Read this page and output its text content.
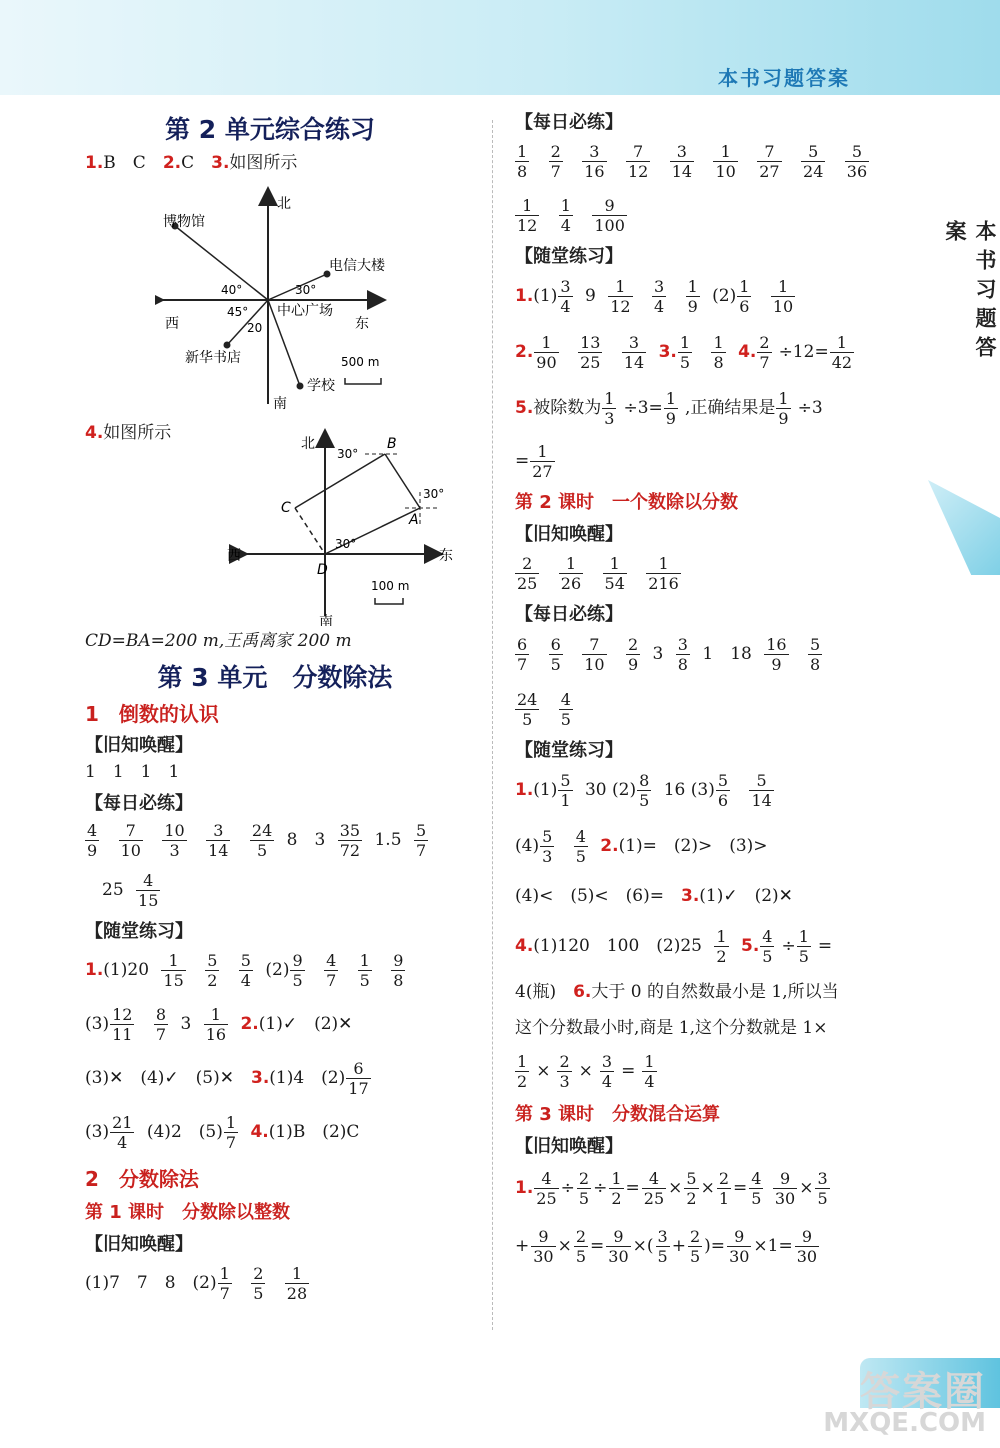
本书习题答案
本书习题答案
第 2 单元综合练习
1.B　 C　 2.C　 3.如图所示
博物馆
电信大楼
中心广场
新华书店
学校
北
南
东
西
40°	30°
45°
20
500 m
4.如图所示
北
南
东
西
B
A
C
D
30°
30°
30°
100 m
CD=BA=200 m,王禹离家 200 m
第 3 单元　分数除法
1　倒数的认识
【旧知唤醒】
1　1　1　1
【每日必练】
$\frac{4}{9}$
$\frac{7}{10}$
$\frac{10}{3}$
$\frac{3}{14}$
$\frac{24}{5} 8$　 $3 \frac{35}{72} 1.5 \frac{5}{7}$
　$25 \frac{4}{15}$
【随堂练习】
$1.(1)20 \frac{1}{15}$
$\frac{5}{2}$
$\frac{5}{4} (2) \frac{9}{5}$
$\frac{4}{7}$
$\frac{1}{5}$
$\frac{9}{8}$
$(3) \frac{12}{11}$
$\frac{8}{7} 3 \frac{1}{16}$ 2.(1)✓　(2)✕
(3)✕　(4)✓　(5)✕　 3.(1)4　$(2) \frac{6}{17}$
$(3) \frac{21}{4} (4)2$　$(5) \frac{1}{7} 4.(1)B$　(2)C
2　分数除法
第 1 课时　分数除以整数
【旧知唤醒】
(1)7　7　8　$(2) \frac{1}{7}$
$\frac{2}{5}$
$\frac{1}{28}$
【每日必练】
$\frac{1}{8}$
$\frac{2}{7}$
$\frac{3}{16}$
$\frac{7}{12}$
$\frac{3}{14}$
$\frac{1}{10}$
$\frac{7}{27}$
$\frac{5}{24}$
$\frac{5}{36}$
$\frac{1}{12}$
$\frac{1}{4}$
$\frac{9}{100}$
【随堂练习】
$1.(1) \frac{3}{4} 9 \frac{1}{12}$
$\frac{3}{4}$
$\frac{1}{9} (2) \frac{1}{6}$
$\frac{1}{10}$
2. $\frac{1}{90}$
$\frac{13}{25}$
$\frac{3}{14} 3$. $\frac{1}{5}$
$\frac{1}{8} 4$. $\frac{2}{7} \div 12= \frac{1}{42}$
5.被除数为 $\frac{1}{3} \div 3= \frac{1}{9}$ ,正确结果是 $\frac{1}{9} \div 3$
= $\frac{1}{27}$
第 2 课时　一个数除以分数
【旧知唤醒】
$\frac{2}{25}$
$\frac{1}{26}$
$\frac{1}{54}$
$\frac{1}{216}$
【每日必练】
$\frac{6}{7}$
$\frac{6}{5}$
$\frac{7}{10}$
$\frac{2}{9} 3 \frac{3}{8} 1$　$18 \frac{16}{9}$
$\frac{5}{8}$
$\frac{24}{5}$
$\frac{4}{5}$
【随堂练习】
$1.(1) \frac{5}{1} 30$ $(2) \frac{8}{5} 16$ $(3) \frac{5}{6}$
$\frac{5}{14}$
$(4) \frac{5}{3}$
$\frac{4}{5} 2.(1)=$　(2)>　(3)>
(4)<　(5)<　(6)=　 3.(1)✓　(2)✕
4.(1)120　100　$(2)25 \frac{1}{2} 5$. $\frac{4}{5} \div \frac{1}{5}$ =
4(瓶)　 6.大于 0 的自然数最小是 1,所以当
这个分数最小时,商是 1,这个分数就是 1×
$\frac{1}{2} \times \frac{2}{3} \times \frac{3}{4} = \frac{1}{4}$
第 3 课时　分数混合运算
【旧知唤醒】
1. $\frac{4}{25} \div \frac{2}{5} \div \frac{1}{2} = \frac{4}{25} \times \frac{5}{2} \times \frac{2}{1} = \frac{4}{5}$
$\frac{9}{30} \times \frac{3}{5}$
+ $\frac{9}{30} \times \frac{2}{5} = \frac{9}{30}$ ×( $\frac{3}{5} + \frac{2}{5}$ )= $\frac{9}{30} \times 1= \frac{9}{30}$
答案圈
MXQE.COM
